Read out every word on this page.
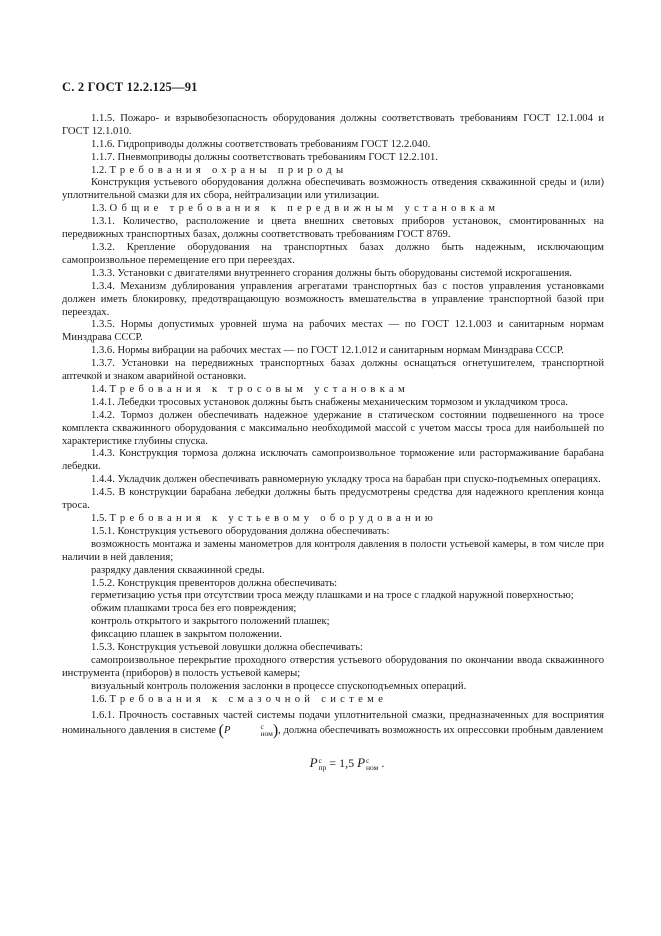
С. 2 ГОСТ 12.2.125—91

1.1.5. Пожаро- и взрывобезопасность оборудования должны соответствовать требованиям ГОСТ 12.1.004 и ГОСТ 12.1.010.

1.1.6. Гидроприводы должны соответствовать требованиям ГОСТ 12.2.040.

1.1.7. Пневмоприводы должны соответствовать требованиям ГОСТ 12.2.101.

1.2. Требования охраны природы

Конструкция устьевого оборудования должна обеспечивать возможность отведения скважинной среды и (или) уплотнительной смазки для их сбора, нейтрализации или утилизации.

1.3. Общие требования к передвижным установкам

1.3.1. Количество, расположение и цвета внешних световых приборов установок, смонтированных на передвижных транспортных базах, должны соответствовать требованиям ГОСТ 8769.

1.3.2. Крепление оборудования на транспортных базах должно быть надежным, исключающим самопроизвольное перемещение его при переездах.

1.3.3. Установки с двигателями внутреннего сгорания должны быть оборудованы системой искрогашения.

1.3.4. Механизм дублирования управления агрегатами транспортных баз с постов управления установками должен иметь блокировку, предотвращающую возможность вмешательства в управление транспортной базой при переездах.

1.3.5. Нормы допустимых уровней шума на рабочих местах — по ГОСТ 12.1.003 и санитарным нормам Минздрава СССР.

1.3.6. Нормы вибрации на рабочих местах — по ГОСТ 12.1.012 и санитарным нормам Минздрава СССР.

1.3.7. Установки на передвижных транспортных базах должны оснащаться огнетушителем, транспортной аптечкой и знаком аварийной остановки.

1.4. Требования к тросовым установкам

1.4.1. Лебедки тросовых установок должны быть снабжены механическим тормозом и укладчиком троса.

1.4.2. Тормоз должен обеспечивать надежное удержание в статическом состоянии подвешенного на тросе комплекта скважинного оборудования с максимально необходимой массой с учетом массы троса для наибольшей по характеристике глубины спуска.

1.4.3. Конструкция тормоза должна исключать самопроизвольное торможение или растормаживание барабана лебедки.

1.4.4. Укладчик должен обеспечивать равномерную укладку троса на барабан при спуско-подъемных операциях.

1.4.5. В конструкции барабана лебедки должны быть предусмотрены средства для надежного крепления конца троса.

1.5. Требования к устьевому оборудованию

1.5.1. Конструкция устьевого оборудования должна обеспечивать:

возможность монтажа и замены манометров для контроля давления в полости устьевой камеры, в том числе при наличии в ней давления;

разрядку давления скважинной среды.

1.5.2. Конструкция превенторов должна обеспечивать:

герметизацию устья при отсутствии троса между плашками и на тросе с гладкой наружной поверхностью;

обжим плашками троса без его повреждения;

контроль открытого и закрытого положений плашек;

фиксацию плашек в закрытом положении.

1.5.3. Конструкция устьевой ловушки должна обеспечивать:

самопроизвольное перекрытие проходного отверстия устьевого оборудования по окончании ввода скважинного инструмента (приборов) в полость устьевой камеры;

визуальный контроль положения заслонки в процессе спускоподъемных операций.

1.6. Требования к смазочной системе

1.6.1. Прочность составных частей системы подачи уплотнительной смазки, предназначенных для восприятия номинального давления в системе (P	с
ном ), должна обеспечивать возможность их опрессовки пробным давлением

P с
пр = 1,5 P с
ном .
